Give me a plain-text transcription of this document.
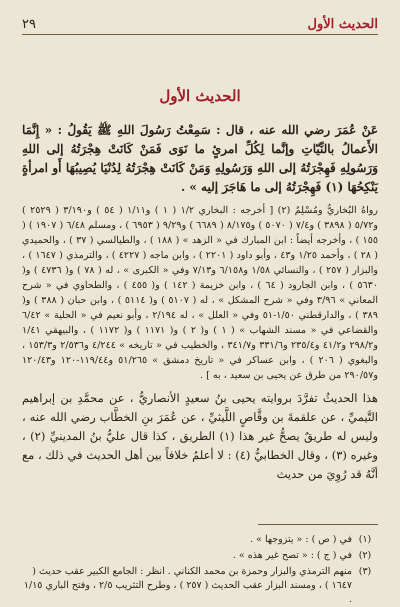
الحديث الأول
٢٩
الحديث الأول

عَنْ عُمَرَ رضي الله عنه ، قال : سَمِعْتُ رَسُولَ اللهِ ﷺ يَقُولُ : « إِنَّمَا الأَعمالُ بالنِّيّاتِ وإنَّما لِكُلِّ امرئٍ ما نَوَى فَمَنْ كَانَتْ هِجْرَتُهُ إلى اللهِ وَرَسُولِهِ فَهِجْرَتُهُ إلى اللهِ وَرَسُولِهِ وَمَنْ كَانَتْ هِجْرَتُهُ لِدُنْيَا يُصِيبُهَا أَو امرأةٍ يَنْكِحُهَا (١) فَهِجْرَتُهُ إلى ما هَاجَرَ إليه » .

رواهُ البُخاريُّ ومُسْلِمٌ (٢) [ أخرجه : البخاري ١/٢ ( ١ ) و١/١١ ( ٥٤ ) و٣/١٩٠ ( ٢٥٢٩ ) و٥/٧٢ ( ٣٨٩٨ ) و٧/٤ ( ٥٠٧٠ ) و٨/١٧٥ ( ٦٦٨٩ ) و٩/٢٩ ( ٦٩٥٣ ) ، ومسلم ٦/٤٨ ( ١٩٠٧ ) ( ١٥٥ ) ، وأخرجه أيضاً : ابن المبارك في « الزهد » ( ١٨٨ ) ، والطيالسي ( ٣٧ ) ، والحميدي ( ٢٨ ) ، وأحمد ١/٢٥ و٤٣ ، وأبو داود ( ٢٢٠١ ) ، وابن ماجه ( ٤٢٢٧ ) ، والترمذي ( ١٦٤٧ ) ، والبزار ( ٢٥٧ ) ، والنسائي ١/٥٨ و٦/١٥٨ و٧/١٣ وفي « الكبرى » ، له ( ٧٨ ) و( ٤٧٣٦ ) و( ٥٦٣٠ ) ، وابن الجارود ( ٦٤ ) ، وابن خزيمة ( ١٤٢ ) و( ٤٥٥ ) ، والطحاوي في « شرح المعاني » ٣/٩٦ وفي « شرح المشكل » ، له ( ٥١٠٧ ) و( ٥١١٤ ) ، وابن حبان ( ٣٨٨ ) و( ٣٨٩ ) ، والدارقطني ١/٥٠-٥١ وفي « العلل » ، له ٢/١٩٤ ، وأبو نعيم في « الحلية » ٦/٤٢ والقضاعي في « مسند الشهاب » ( ١ ) و( ٢ ) و( ١١٧١ ) و( ١١٧٢ ) ، والبيهقي ١/٤١ و٢٩٨/٢ و٤١/٢ و٢٣٥/٤ و٣٣١/٦ و٣٤١/٧ ، والخطيب في « تاريخه » ٤/٢٤٤ و٢/٥٣٦ و١٥٣/٣ ، والبغوي ( ٢٠٦ ) ، وابن عساكر في « تاريخ دمشق » ٥١/٢٦٥ و١١٩/٤٤-١٢٠ و١٢٠/٤٣ و٢٩٠/٥٧ من طرق عن يحيى بن سعيد ، به ] .

هذا الحديثُ تفرَّدَ بروايته يحيى بنُ سعيدٍ الأنصاريُّ ، عن محمَّدِ بن إبراهيم التَّيميِّ ، عن علقمةَ بن وقَّاصٍ اللَّيثيِّ ، عن عُمَرَ بنِ الخطَّاب رضي الله عنه ، وليس له طريقٌ يصحُّ غير هذا (١) الطريق ، كذا قال عليُّ بنُ المدينيِّ (٢) ، وغيره (٣) ، وقال الخطابيُّ (٤) : لا أعلمُ خلافاً بين أهل الحديث في ذلك ، مع أنَّهُ قد رُوِيَ من حديث

(١)
في ( ص ) : « يتزوجها » .
(٢)
في ( ج ) : « تصح غير هذه » .
(٣)
منهم الترمذي والبزار وحمزة بن محمد الكناني . انظر : الجامع الكبير عقب حديث ( ١٦٤٧ ) ، ومسند البزار عقب الحديث ( ٢٥٧ ) ، وطرح التثريب ٢/٥ ، وفتح الباري ١/١٥ .
